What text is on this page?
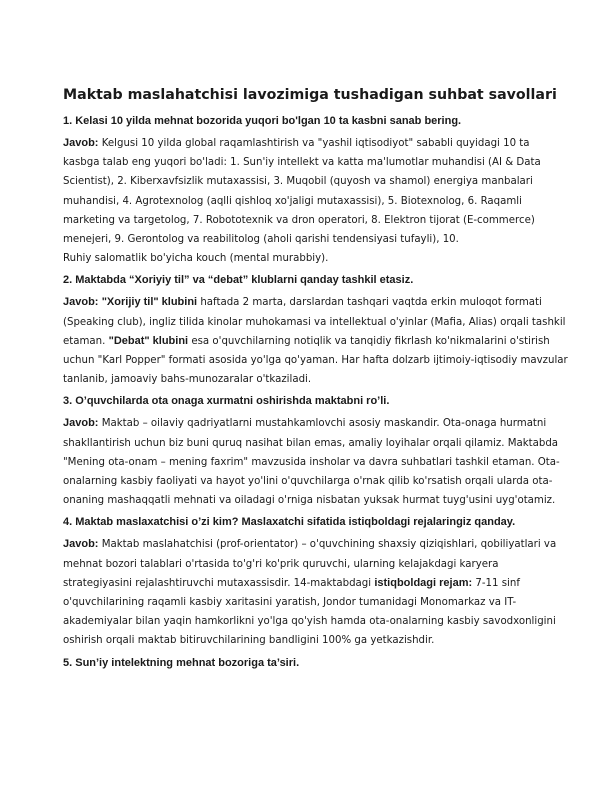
Maktab maslahatchisi lavozimiga tushadigan suhbat savollari
1. Kelasi 10 yilda mehnat bozorida yuqori bo'lgan 10 ta kasbni sanab bering.
Javob: Kelgusi 10 yilda global raqamlashtirish va "yashil iqtisodiyot" sababli quyidagi 10 ta kasbga talab eng yuqori bo'ladi: 1. Sun'iy intellekt va katta ma'lumotlar muhandisi (AI & Data Scientist), 2. Kiberxavfsizlik mutaxassisi, 3. Muqobil (quyosh va shamol) energiya manbalari muhandisi, 4. Agrotexnolog (aqlli qishloq xo'jaligi mutaxassisi), 5. Biotexnolog, 6. Raqamli marketing va targetolog, 7. Robototexnik va dron operatori, 8. Elektron tijorat (E-commerce) menejeri, 9. Gerontolog va reabilitolog (aholi qarishi tendensiyasi tufayli), 10.
Ruhiy salomatlik bo'yicha kouch (mental murabbiy).
2. Maktabda “Xoriyiy til” va “debat” klublarni qanday tashkil etasiz.
Javob: "Xorijiy til" klubini haftada 2 marta, darslardan tashqari vaqtda erkin muloqot formati (Speaking club), ingliz tilida kinolar muhokamasi va intellektual o'yinlar (Mafia, Alias) orqali tashkil etaman. "Debat" klubini esa o'quvchilarning notiqlik va tanqidiy fikrlash ko'nikmalarini o'stirish uchun "Karl Popper" formati asosida yo'lga qo'yaman. Har hafta dolzarb ijtimoiy-iqtisodiy mavzular tanlanib, jamoaviy bahs-munozaralar o'tkaziladi.
3. O’quvchilarda ota onaga xurmatni oshirishda maktabni ro’li.
Javob: Maktab – oilaviy qadriyatlarni mustahkamlovchi asosiy maskandir. Ota-onaga hurmatni shakllantirish uchun biz buni quruq nasihat bilan emas, amaliy loyihalar orqali qilamiz. Maktabda "Mening ota-onam – mening faxrim" mavzusida insholar va davra suhbatlari tashkil etaman. Ota-onalarning kasbiy faoliyati va hayot yo'lini o'quvchilarga o'rnak qilib ko'rsatish orqali ularda ota-onaning mashaqqatli mehnati va oiladagi o'rniga nisbatan yuksak hurmat tuyg'usini uyg'otamiz.
4. Maktab maslaxatchisi o’zi kim? Maslaxatchi sifatida istiqboldagi rejalaringiz qanday.
Javob: Maktab maslahatchisi (prof-orientator) – o'quvchining shaxsiy qiziqishlari, qobiliyatlari va mehnat bozori talablari o'rtasida to'g'ri ko'prik quruvchi, ularning kelajakdagi karyera strategiyasini rejalashtiruvchi mutaxassisdir. 14-maktabdagi istiqboldagi rejam: 7-11 sinf o'quvchilarining raqamli kasbiy xaritasini yaratish, Jondor tumanidagi Monomarkaz va IT-akademiyalar bilan yaqin hamkorlikni yo'lga qo'yish hamda ota-onalarning kasbiy savodxonligini oshirish orqali maktab bitiruvchilarining bandligini 100% ga yetkazishdir.
5. Sun’iy intelektning mehnat bozoriga ta’siri.
